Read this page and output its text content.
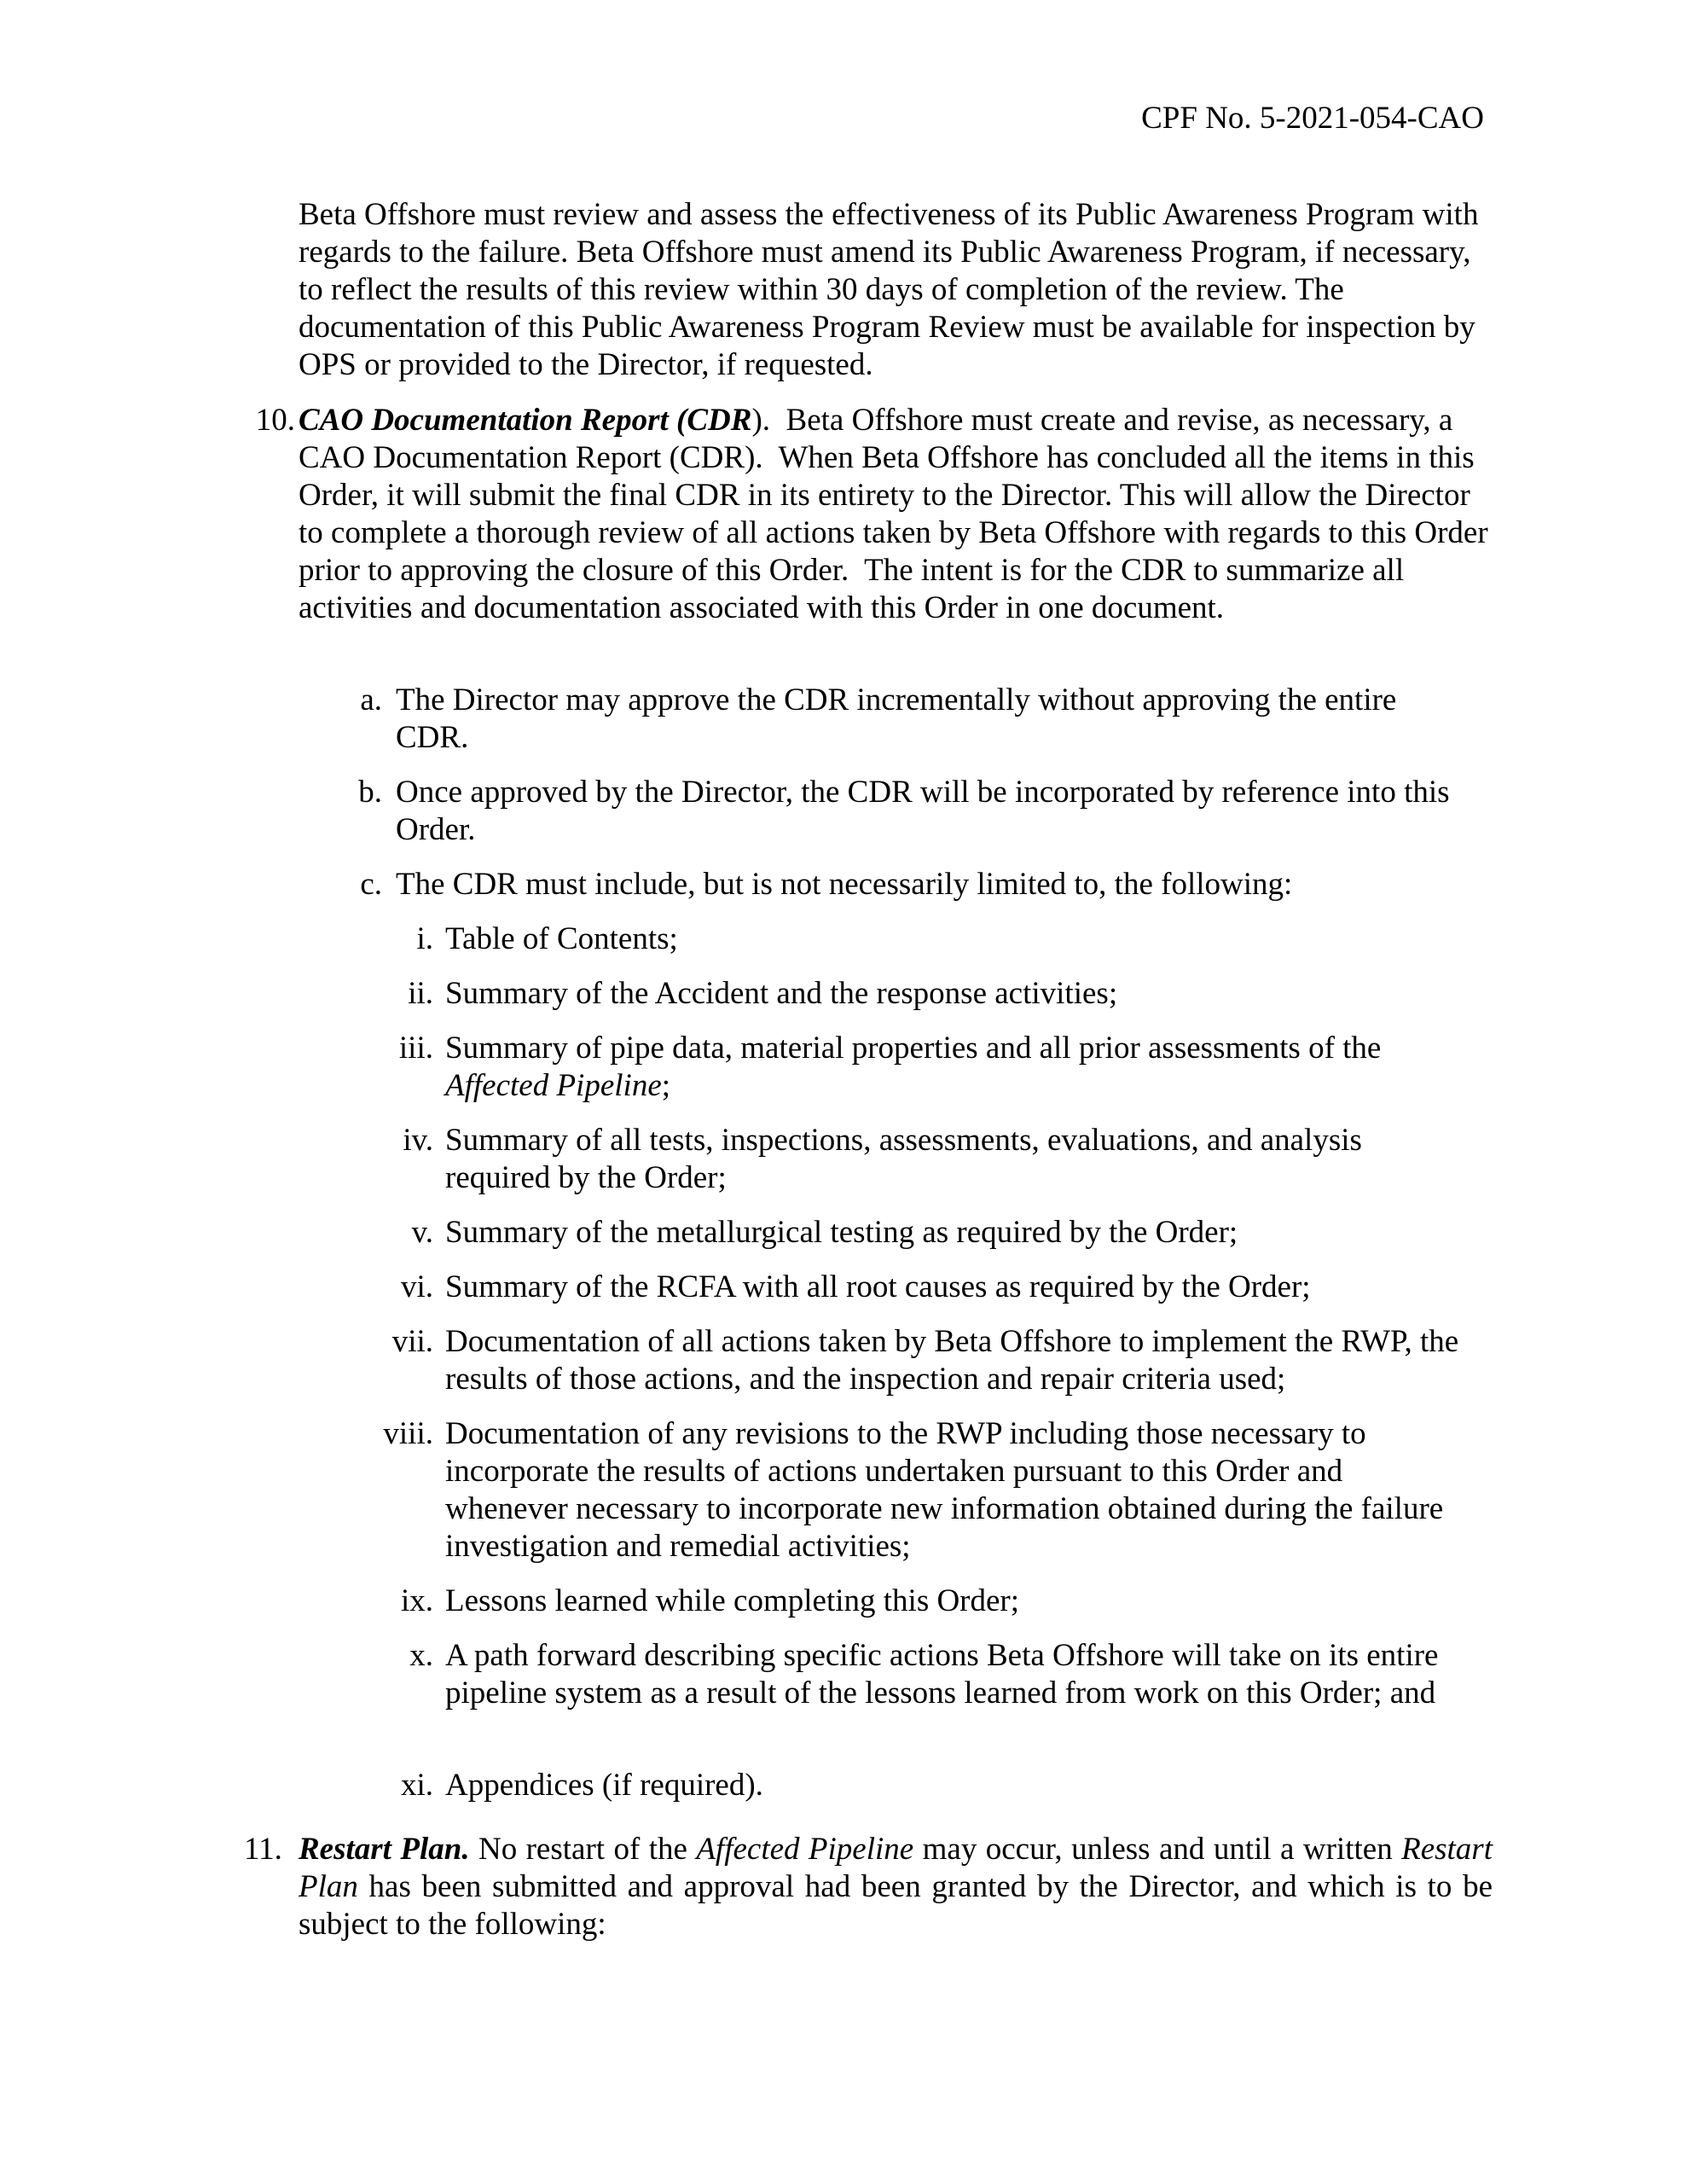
CPF No. 5-2021-054-CAO

Beta Offshore must review and assess the effectiveness of its Public Awareness Program with regards to the failure. Beta Offshore must amend its Public Awareness Program, if necessary, to reflect the results of this review within 30 days of completion of the review. The documentation of this Public Awareness Program Review must be available for inspection by OPS or provided to the Director, if requested.

10. CAO Documentation Report (CDR).  Beta Offshore must create and revise, as necessary, a CAO Documentation Report (CDR).  When Beta Offshore has concluded all the items in this Order, it will submit the final CDR in its entirety to the Director. This will allow the Director to complete a thorough review of all actions taken by Beta Offshore with regards to this Order prior to approving the closure of this Order.  The intent is for the CDR to summarize all activities and documentation associated with this Order in one document.

a. The Director may approve the CDR incrementally without approving the entire CDR.

b. Once approved by the Director, the CDR will be incorporated by reference into this Order.

c. The CDR must include, but is not necessarily limited to, the following:

i. Table of Contents;

ii. Summary of the Accident and the response activities;

iii. Summary of pipe data, material properties and all prior assessments of the Affected Pipeline;

iv. Summary of all tests, inspections, assessments, evaluations, and analysis required by the Order;

v. Summary of the metallurgical testing as required by the Order;

vi. Summary of the RCFA with all root causes as required by the Order;

vii. Documentation of all actions taken by Beta Offshore to implement the RWP, the results of those actions, and the inspection and repair criteria used;

viii. Documentation of any revisions to the RWP including those necessary to incorporate the results of actions undertaken pursuant to this Order and whenever necessary to incorporate new information obtained during the failure investigation and remedial activities;

ix. Lessons learned while completing this Order;

x. A path forward describing specific actions Beta Offshore will take on its entire pipeline system as a result of the lessons learned from work on this Order; and

xi. Appendices (if required).

11. Restart Plan. No restart of the Affected Pipeline may occur, unless and until a written Restart Plan has been submitted and approval had been granted by the Director, and which is to be subject to the following:
